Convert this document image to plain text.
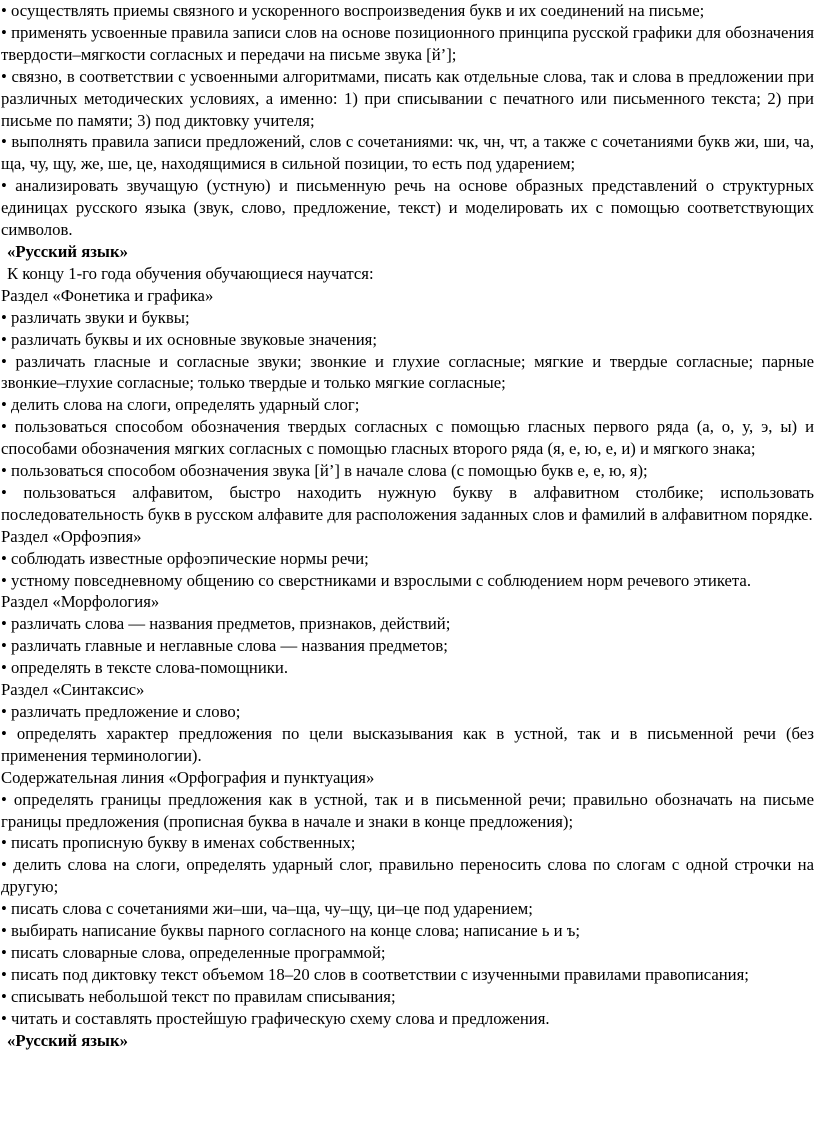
• осуществлять приемы связного и ускоренного воспроизведения букв и их соединений на письме;

• применять усвоенные правила записи слов на основе позиционного принципа русской графики для обозначения твердости–мягкости согласных и передачи на письме звука [й’];

• связно, в соответствии с усвоенными алгоритмами, писать как отдельные слова, так и слова в предложении при различных методических условиях, а именно: 1) при списывании с печатного или письменного текста; 2) при письме по памяти; 3) под диктовку учителя;

• выполнять правила записи предложений, слов с сочетаниями: чк, чн, чт, а также с сочетаниями букв жи, ши, ча, ща, чу, щу, же, ше, це, находящимися в сильной позиции, то есть под ударением;

• анализировать звучащую (устную) и письменную речь на основе образных представлений о структурных единицах русского языка (звук, слово, предложение, текст) и моделировать их с помощью соответствующих символов.

«Русский язык»

К концу 1-го года обучения обучающиеся научатся:

Раздел «Фонетика и графика»

• различать звуки и буквы;

• различать буквы и их основные звуковые значения;

• различать гласные и согласные звуки; звонкие и глухие согласные; мягкие и твердые согласные; парные звонкие–глухие согласные; только твердые и только мягкие согласные;

• делить слова на слоги, определять ударный слог;

• пользоваться способом обозначения твердых согласных с помощью гласных первого ряда (а, о, у, э, ы) и способами обозначения мягких согласных с помощью гласных второго ряда (я, е, ю, е, и) и мягкого знака;

• пользоваться способом обозначения звука [й’] в начале слова (с помощью букв е, е, ю, я);

• пользоваться алфавитом, быстро находить нужную букву в алфавитном столбике; использовать последовательность букв в русском алфавите для расположения заданных слов и фамилий в алфавитном порядке.

Раздел «Орфоэпия»

• соблюдать известные орфоэпические нормы речи;

• устному повседневному общению со сверстниками и взрослыми с соблюдением норм речевого этикета.

Раздел «Морфология»

• различать слова — названия предметов, признаков, действий;

• различать главные и неглавные слова — названия предметов;

• определять в тексте слова-помощники.

Раздел «Синтаксис»

• различать предложение и слово;

• определять характер предложения по цели высказывания как в устной, так и в письменной речи (без применения терминологии).

Содержательная линия «Орфография и пунктуация»

• определять границы предложения как в устной, так и в письменной речи; правильно обозначать на письме границы предложения (прописная буква в начале и знаки в конце предложения);

• писать прописную букву в именах собственных;

• делить слова на слоги, определять ударный слог, правильно переносить слова по слогам с одной строчки на другую;

• писать слова с сочетаниями жи–ши, ча–ща, чу–щу, ци–це под ударением;

• выбирать написание буквы парного согласного на конце слова; написание ь и ъ;

• писать словарные слова, определенные программой;

• писать под диктовку текст объемом 18–20 слов в соответствии с изученными правилами правописания;

• списывать небольшой текст по правилам списывания;

• читать и составлять простейшую графическую схему слова и предложения.

«Русский язык»
